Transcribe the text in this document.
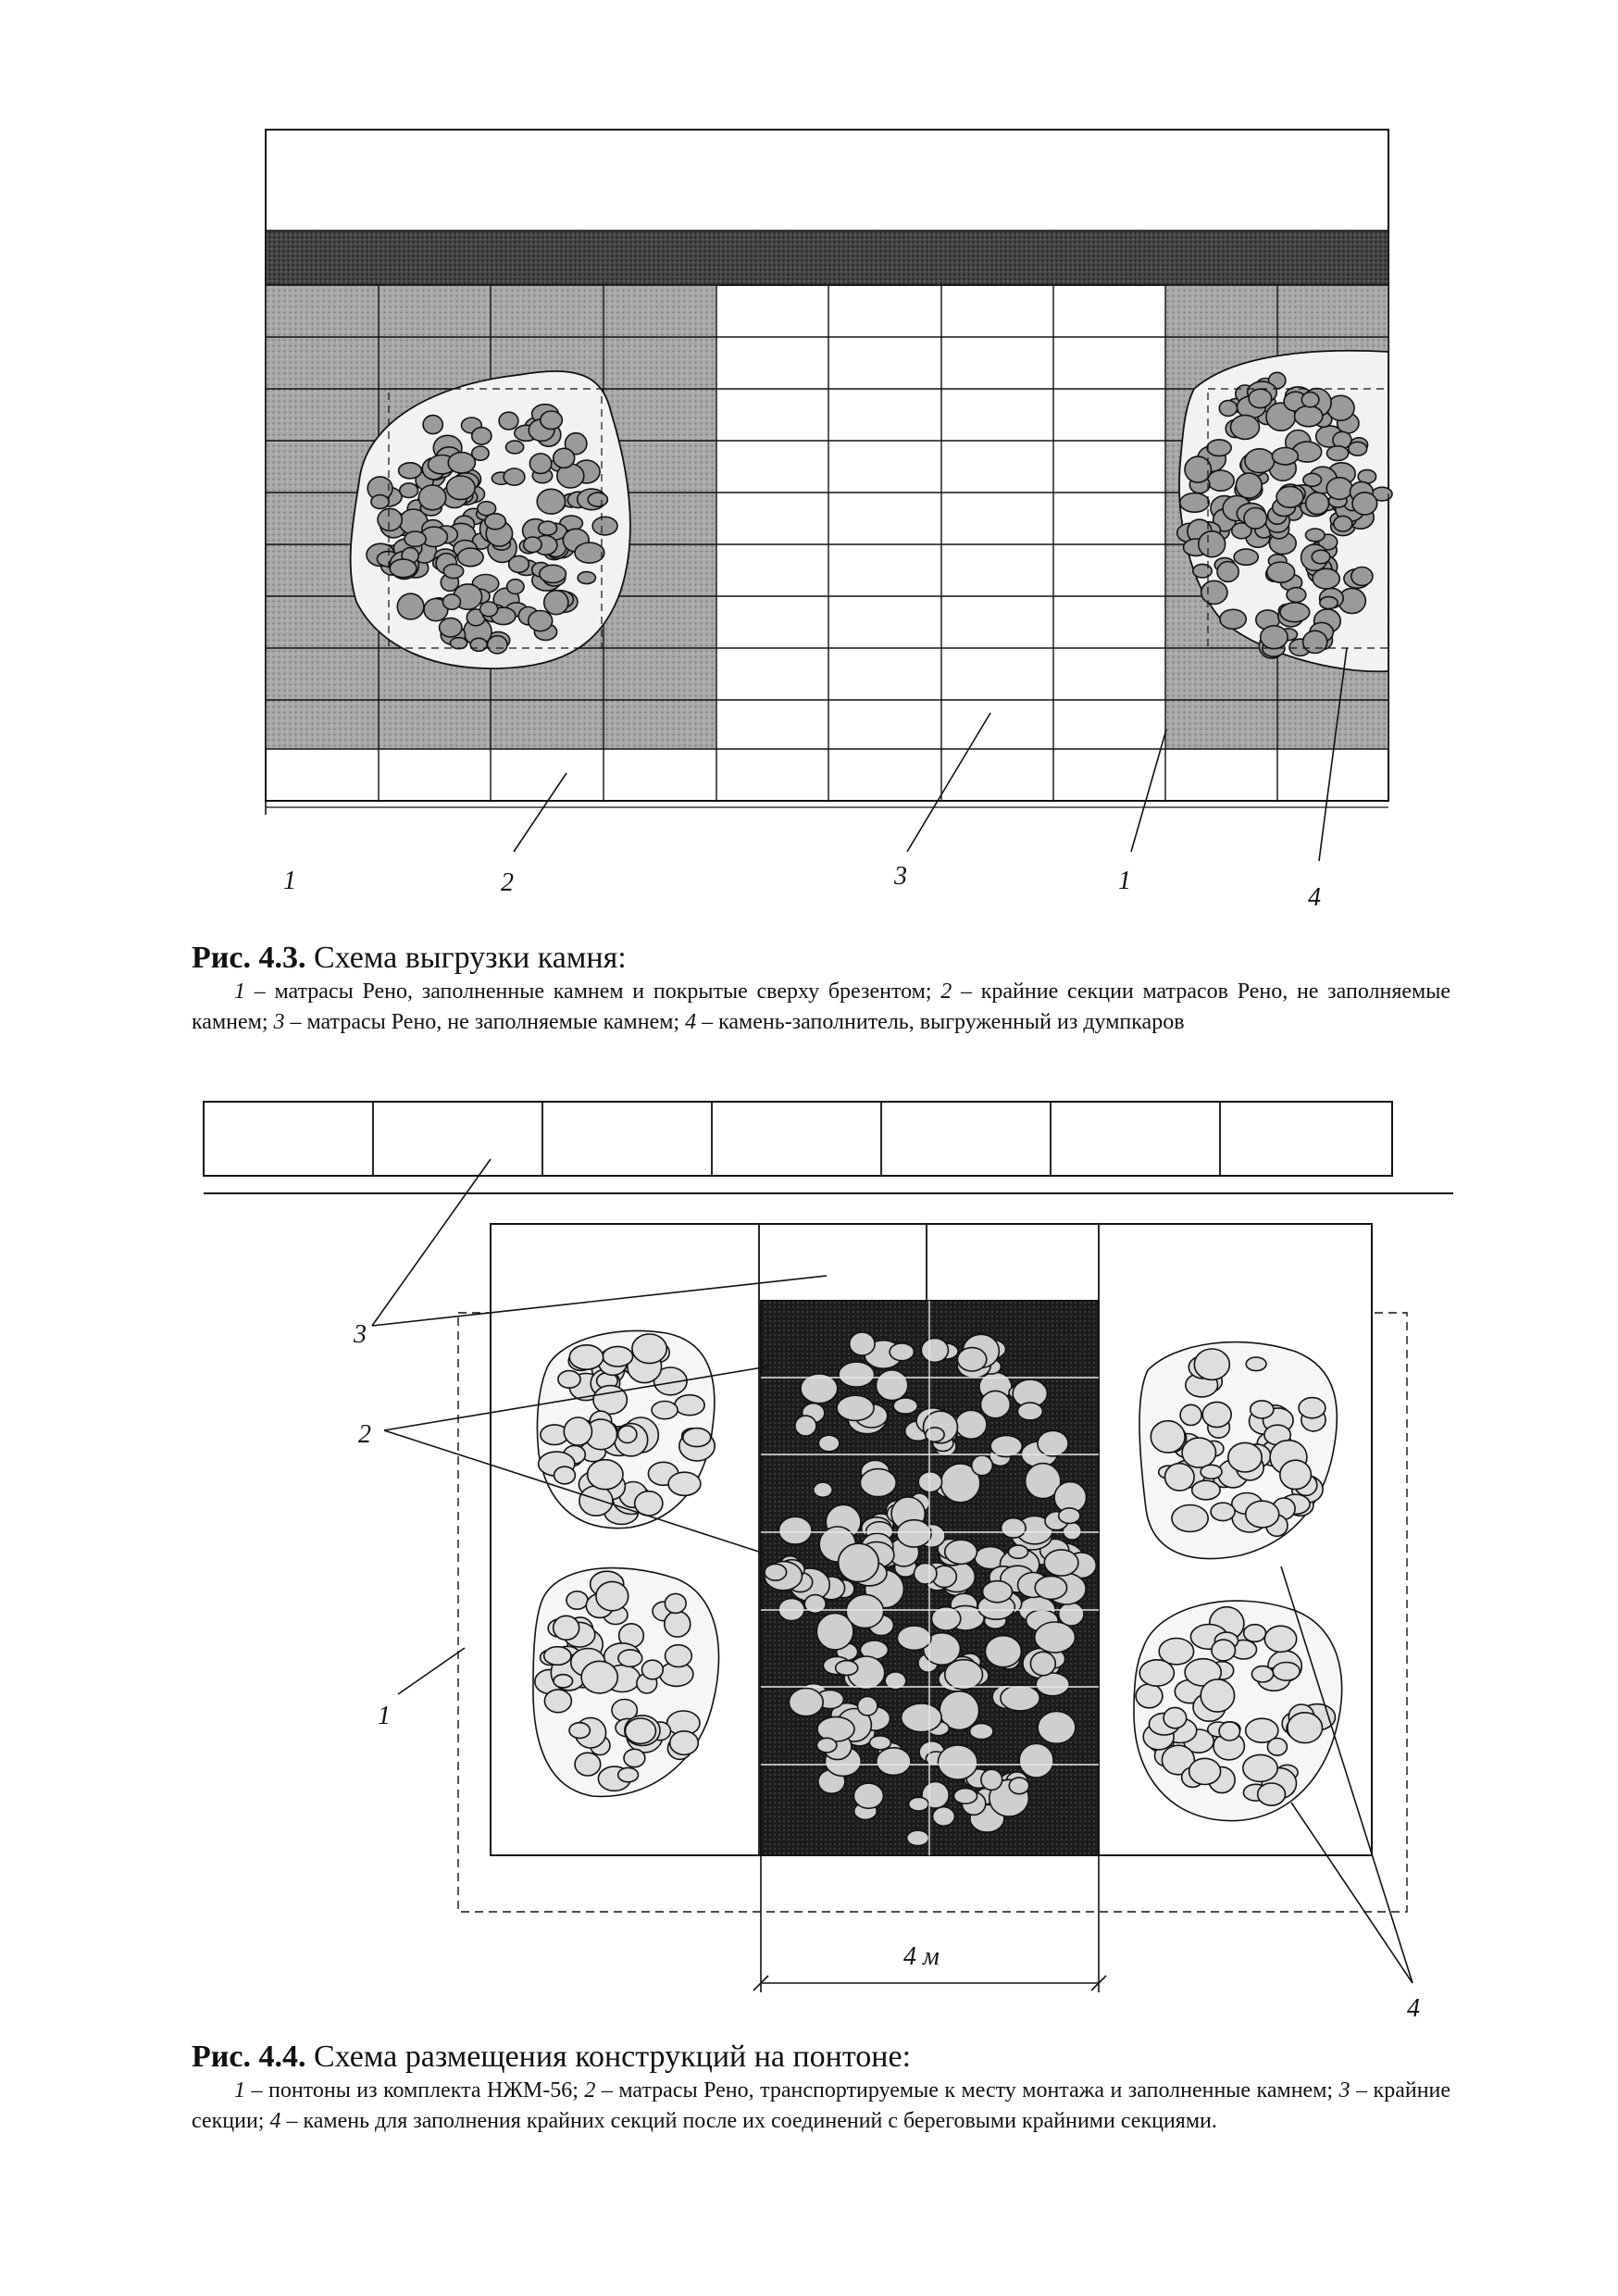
1	2	3	1
4
3
2
1
4
4 м
Рис. 4.3. Схема выгрузки камня:

1 – матрасы Рено, заполненные камнем и покрытые сверху брезентом; 2 – крайние секции матрасов Рено, не заполняемые камнем; 3 – матрасы Рено, не заполняемые камнем; 4 – камень-заполнитель, выгруженный из думпкаров

Рис. 4.4. Схема размещения конструкций на понтоне:

1 – понтоны из комплекта НЖМ-56; 2 – матрасы Рено, транспортируемые к месту монтажа и заполненные камнем; 3 – крайние секции; 4 – камень для заполнения крайних секций после их соединений с береговыми крайними секциями.
